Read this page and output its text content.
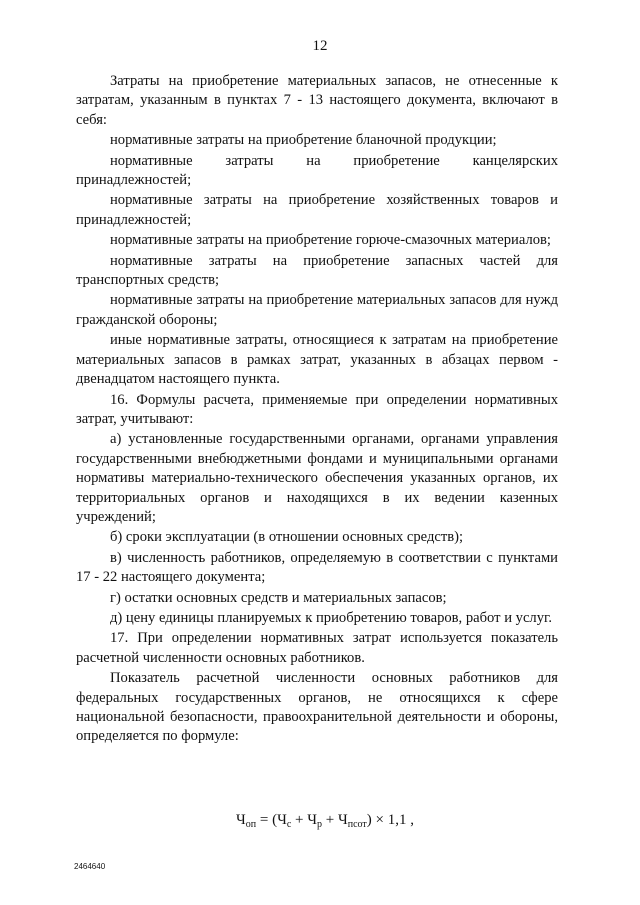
12

Затраты на приобретение материальных запасов, не отнесенные к затратам, указанным в пунктах 7 - 13 настоящего документа, включают в себя:

нормативные затраты на приобретение бланочной продукции;

нормативные затраты на приобретение канцелярских принадлежностей;

нормативные затраты на приобретение хозяйственных товаров и принадлежностей;

нормативные затраты на приобретение горюче-смазочных материалов;

нормативные затраты на приобретение запасных частей для транспортных средств;

нормативные затраты на приобретение материальных запасов для нужд гражданской обороны;

иные нормативные затраты, относящиеся к затратам на приобретение материальных запасов в рамках затрат, указанных в абзацах первом - двенадцатом настоящего пункта.

16. Формулы расчета, применяемые при определении нормативных затрат, учитывают:

а) установленные государственными органами, органами управления государственными внебюджетными фондами и муниципальными органами нормативы материально-технического обеспечения указанных органов, их территориальных органов и находящихся в их ведении казенных учреждений;

б) сроки эксплуатации (в отношении основных средств);

в) численность работников, определяемую в соответствии с пунктами 17 - 22 настоящего документа;

г) остатки основных средств и материальных запасов;

д) цену единицы планируемых к приобретению товаров, работ и услуг.

17. При определении нормативных затрат используется показатель расчетной численности основных работников.

Показатель расчетной численности основных работников для федеральных государственных органов, не относящихся к сфере национальной безопасности, правоохранительной деятельности и обороны, определяется по формуле:

$Ч_{оп} = (Ч_с + Ч_р + Ч_{псот}) \times 1,1$ ,
2464640
